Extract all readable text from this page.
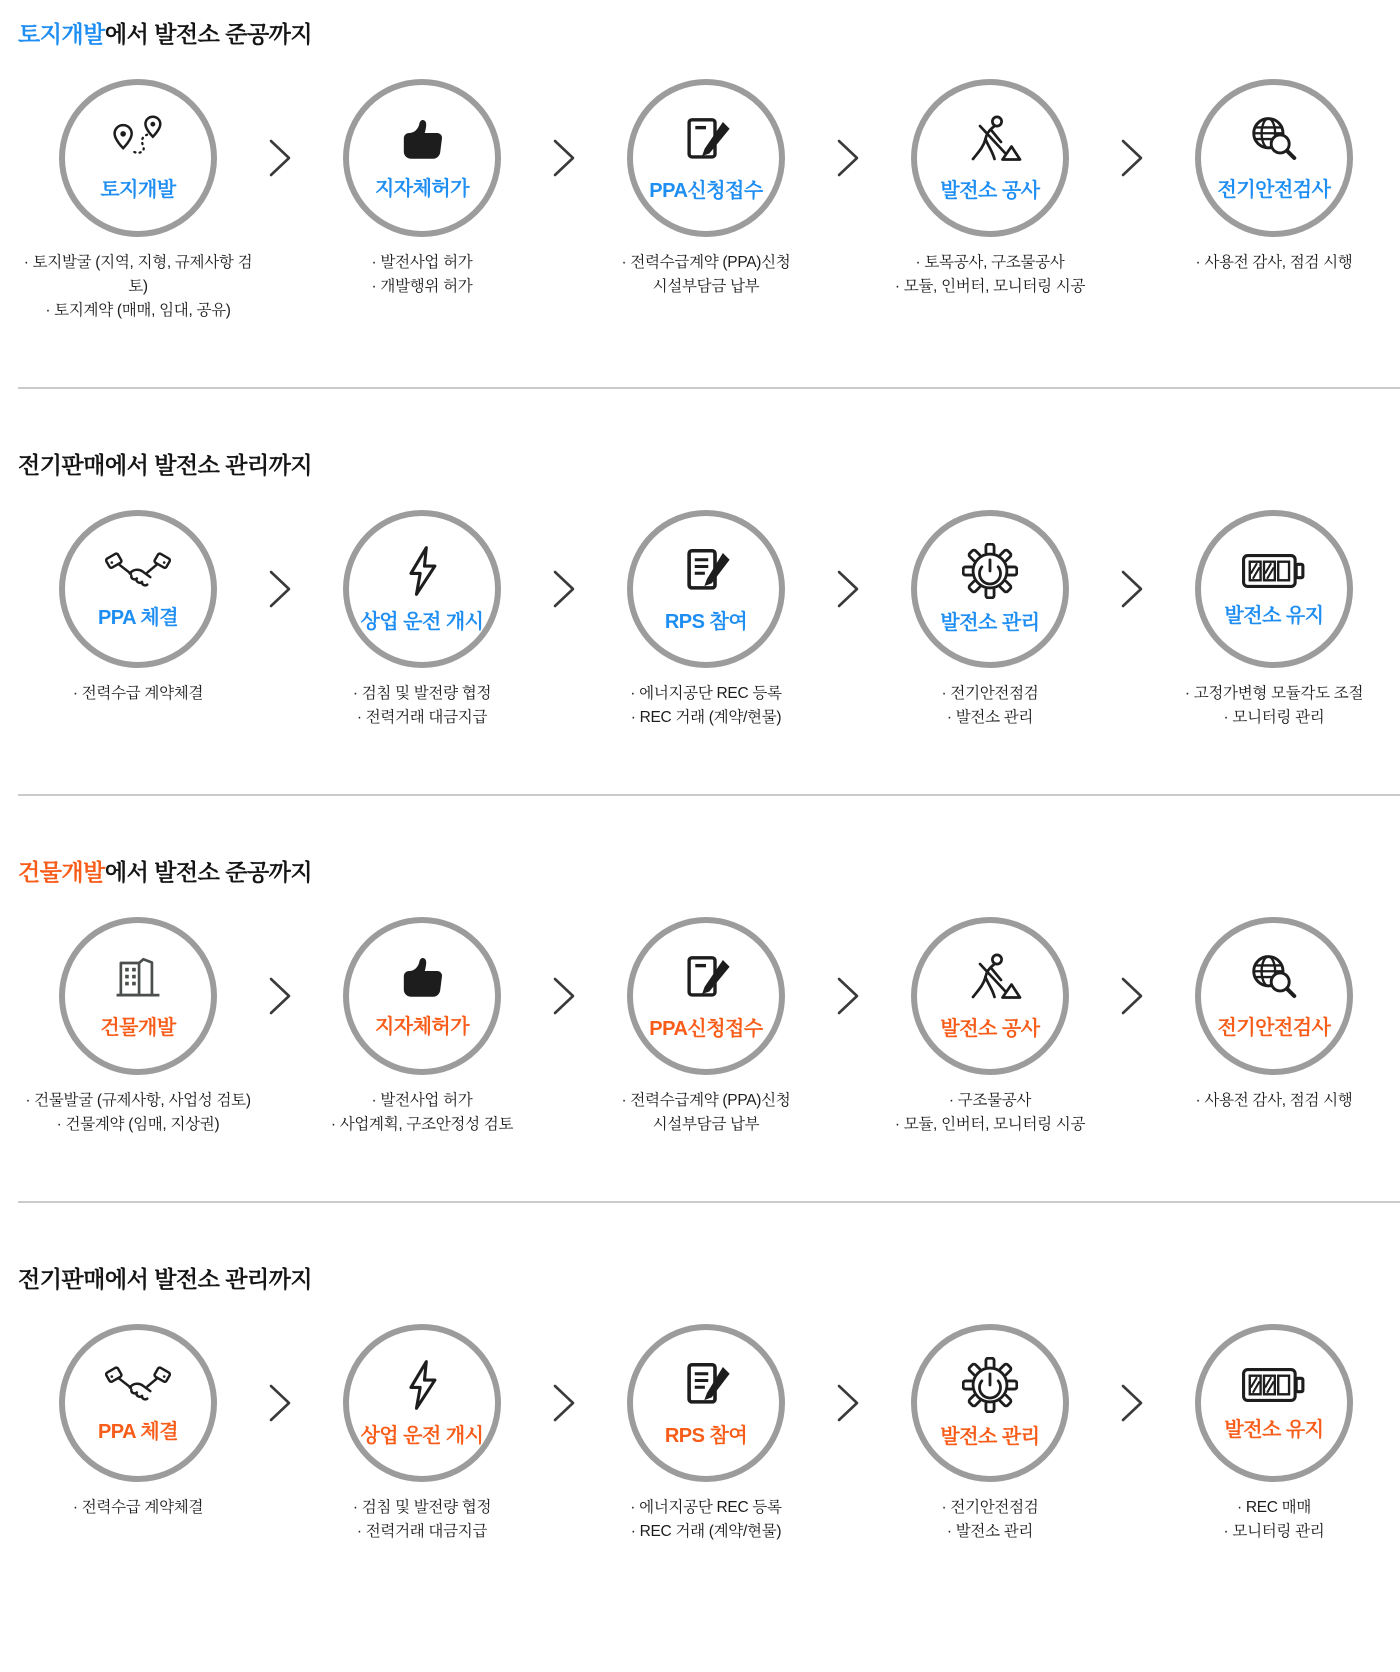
토지개발에서 발전소 준공까지
토지개발
· 토지발굴 (지역, 지형, 규제사항 검토)
· 토지계약 (매매, 임대, 공유)
지자체허가
· 발전사업 허가
· 개발행위 허가
PPA신청접수
· 전력수급계약 (PPA)신청
시설부담금 납부
발전소 공사
· 토목공사, 구조물공사
· 모듈, 인버터, 모니터링 시공
전기안전검사
· 사용전 감사, 점검 시행
전기판매에서 발전소 관리까지
PPA 체결
· 전력수급 계약체결
상업 운전 개시
· 검침 및 발전량 협정
· 전력거래 대금지급
RPS 참여
· 에너지공단 REC 등록
· REC 거래 (계약/현물)
발전소 관리
· 전기안전점검
· 발전소 관리
발전소 유지
· 고정가변형 모듈각도 조절
· 모니터링 관리
건물개발에서 발전소 준공까지
건물개발
· 건물발굴 (규제사항, 사업성 검토)
· 건물계약 (임매, 지상권)
지자체허가
· 발전사업 허가
· 사업계획, 구조안정성 검토
PPA신청접수
· 전력수급계약 (PPA)신청
시설부담금 납부
발전소 공사
· 구조물공사
· 모듈, 인버터, 모니터링 시공
전기안전검사
· 사용전 감사, 점검 시행
전기판매에서 발전소 관리까지
PPA 체결
· 전력수급 계약체결
상업 운전 개시
· 검침 및 발전량 협정
· 전력거래 대금지급
RPS 참여
· 에너지공단 REC 등록
· REC 거래 (계약/현물)
발전소 관리
· 전기안전점검
· 발전소 관리
발전소 유지
· REC 매매
· 모니터링 관리
